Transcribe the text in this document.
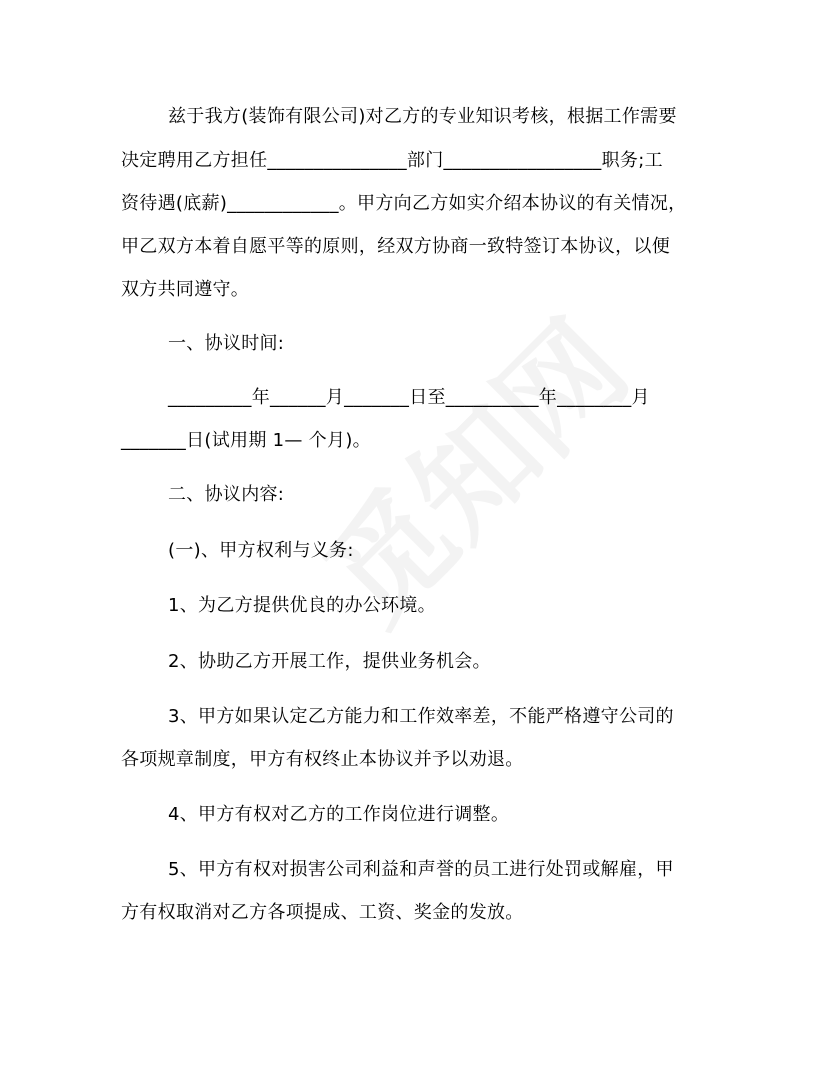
兹于我方(装饰有限公司)对乙方的专业知识考核，根据工作需要
决定聘用乙方担任_______________部门_________________职务;工
资待遇(底薪)____________。甲方向乙方如实介绍本协议的有关情况，
甲乙双方本着自愿平等的原则，经双方协商一致特签订本协议，以便
双方共同遵守。
一、协议时间:
_________年______月_______日至__________年________月
_______日(试用期 1— 个月)。
二、协议内容:
(一)、甲方权利与义务:
1、为乙方提供优良的办公环境。
2、协助乙方开展工作，提供业务机会。
3、甲方如果认定乙方能力和工作效率差，不能严格遵守公司的
各项规章制度，甲方有权终止本协议并予以劝退。
4、甲方有权对乙方的工作岗位进行调整。
5、甲方有权对损害公司利益和声誉的员工进行处罚或解雇，甲
方有权取消对乙方各项提成、工资、奖金的发放。
